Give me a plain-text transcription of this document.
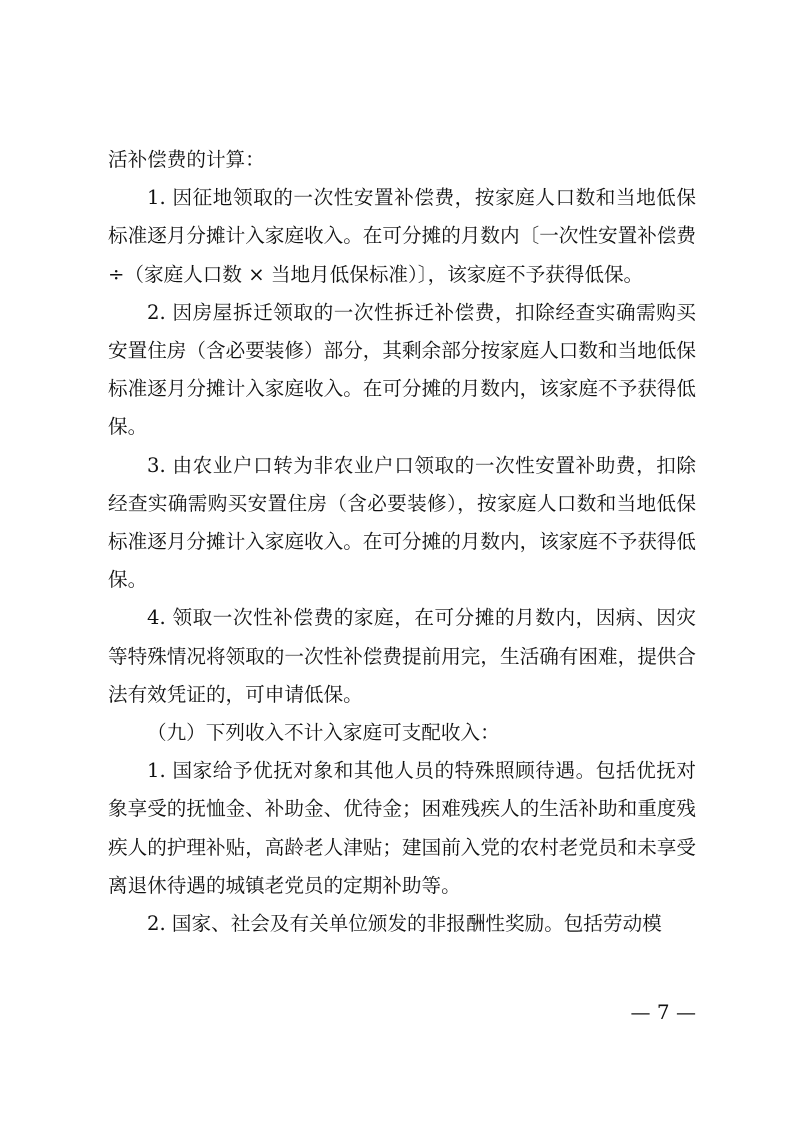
活补偿费的计算：

1. 因征地领取的一次性安置补偿费，按家庭人口数和当地低保标准逐月分摊计入家庭收入。在可分摊的月数内〔一次性安置补偿费 ÷（家庭人口数 × 当地月低保标准）〕，该家庭不予获得低保。

2. 因房屋拆迁领取的一次性拆迁补偿费，扣除经查实确需购买安置住房（含必要装修）部分，其剩余部分按家庭人口数和当地低保标准逐月分摊计入家庭收入。在可分摊的月数内，该家庭不予获得低保。

3. 由农业户口转为非农业户口领取的一次性安置补助费，扣除经查实确需购买安置住房（含必要装修），按家庭人口数和当地低保标准逐月分摊计入家庭收入。在可分摊的月数内，该家庭不予获得低保。

4. 领取一次性补偿费的家庭，在可分摊的月数内，因病、因灾等特殊情况将领取的一次性补偿费提前用完，生活确有困难，提供合法有效凭证的，可申请低保。

（九）下列收入不计入家庭可支配收入：

1. 国家给予优抚对象和其他人员的特殊照顾待遇。包括优抚对象享受的抚恤金、补助金、优待金；困难残疾人的生活补助和重度残疾人的护理补贴，高龄老人津贴；建国前入党的农村老党员和未享受离退休待遇的城镇老党员的定期补助等。

2. 国家、社会及有关单位颁发的非报酬性奖励。包括劳动模

— 7 —
